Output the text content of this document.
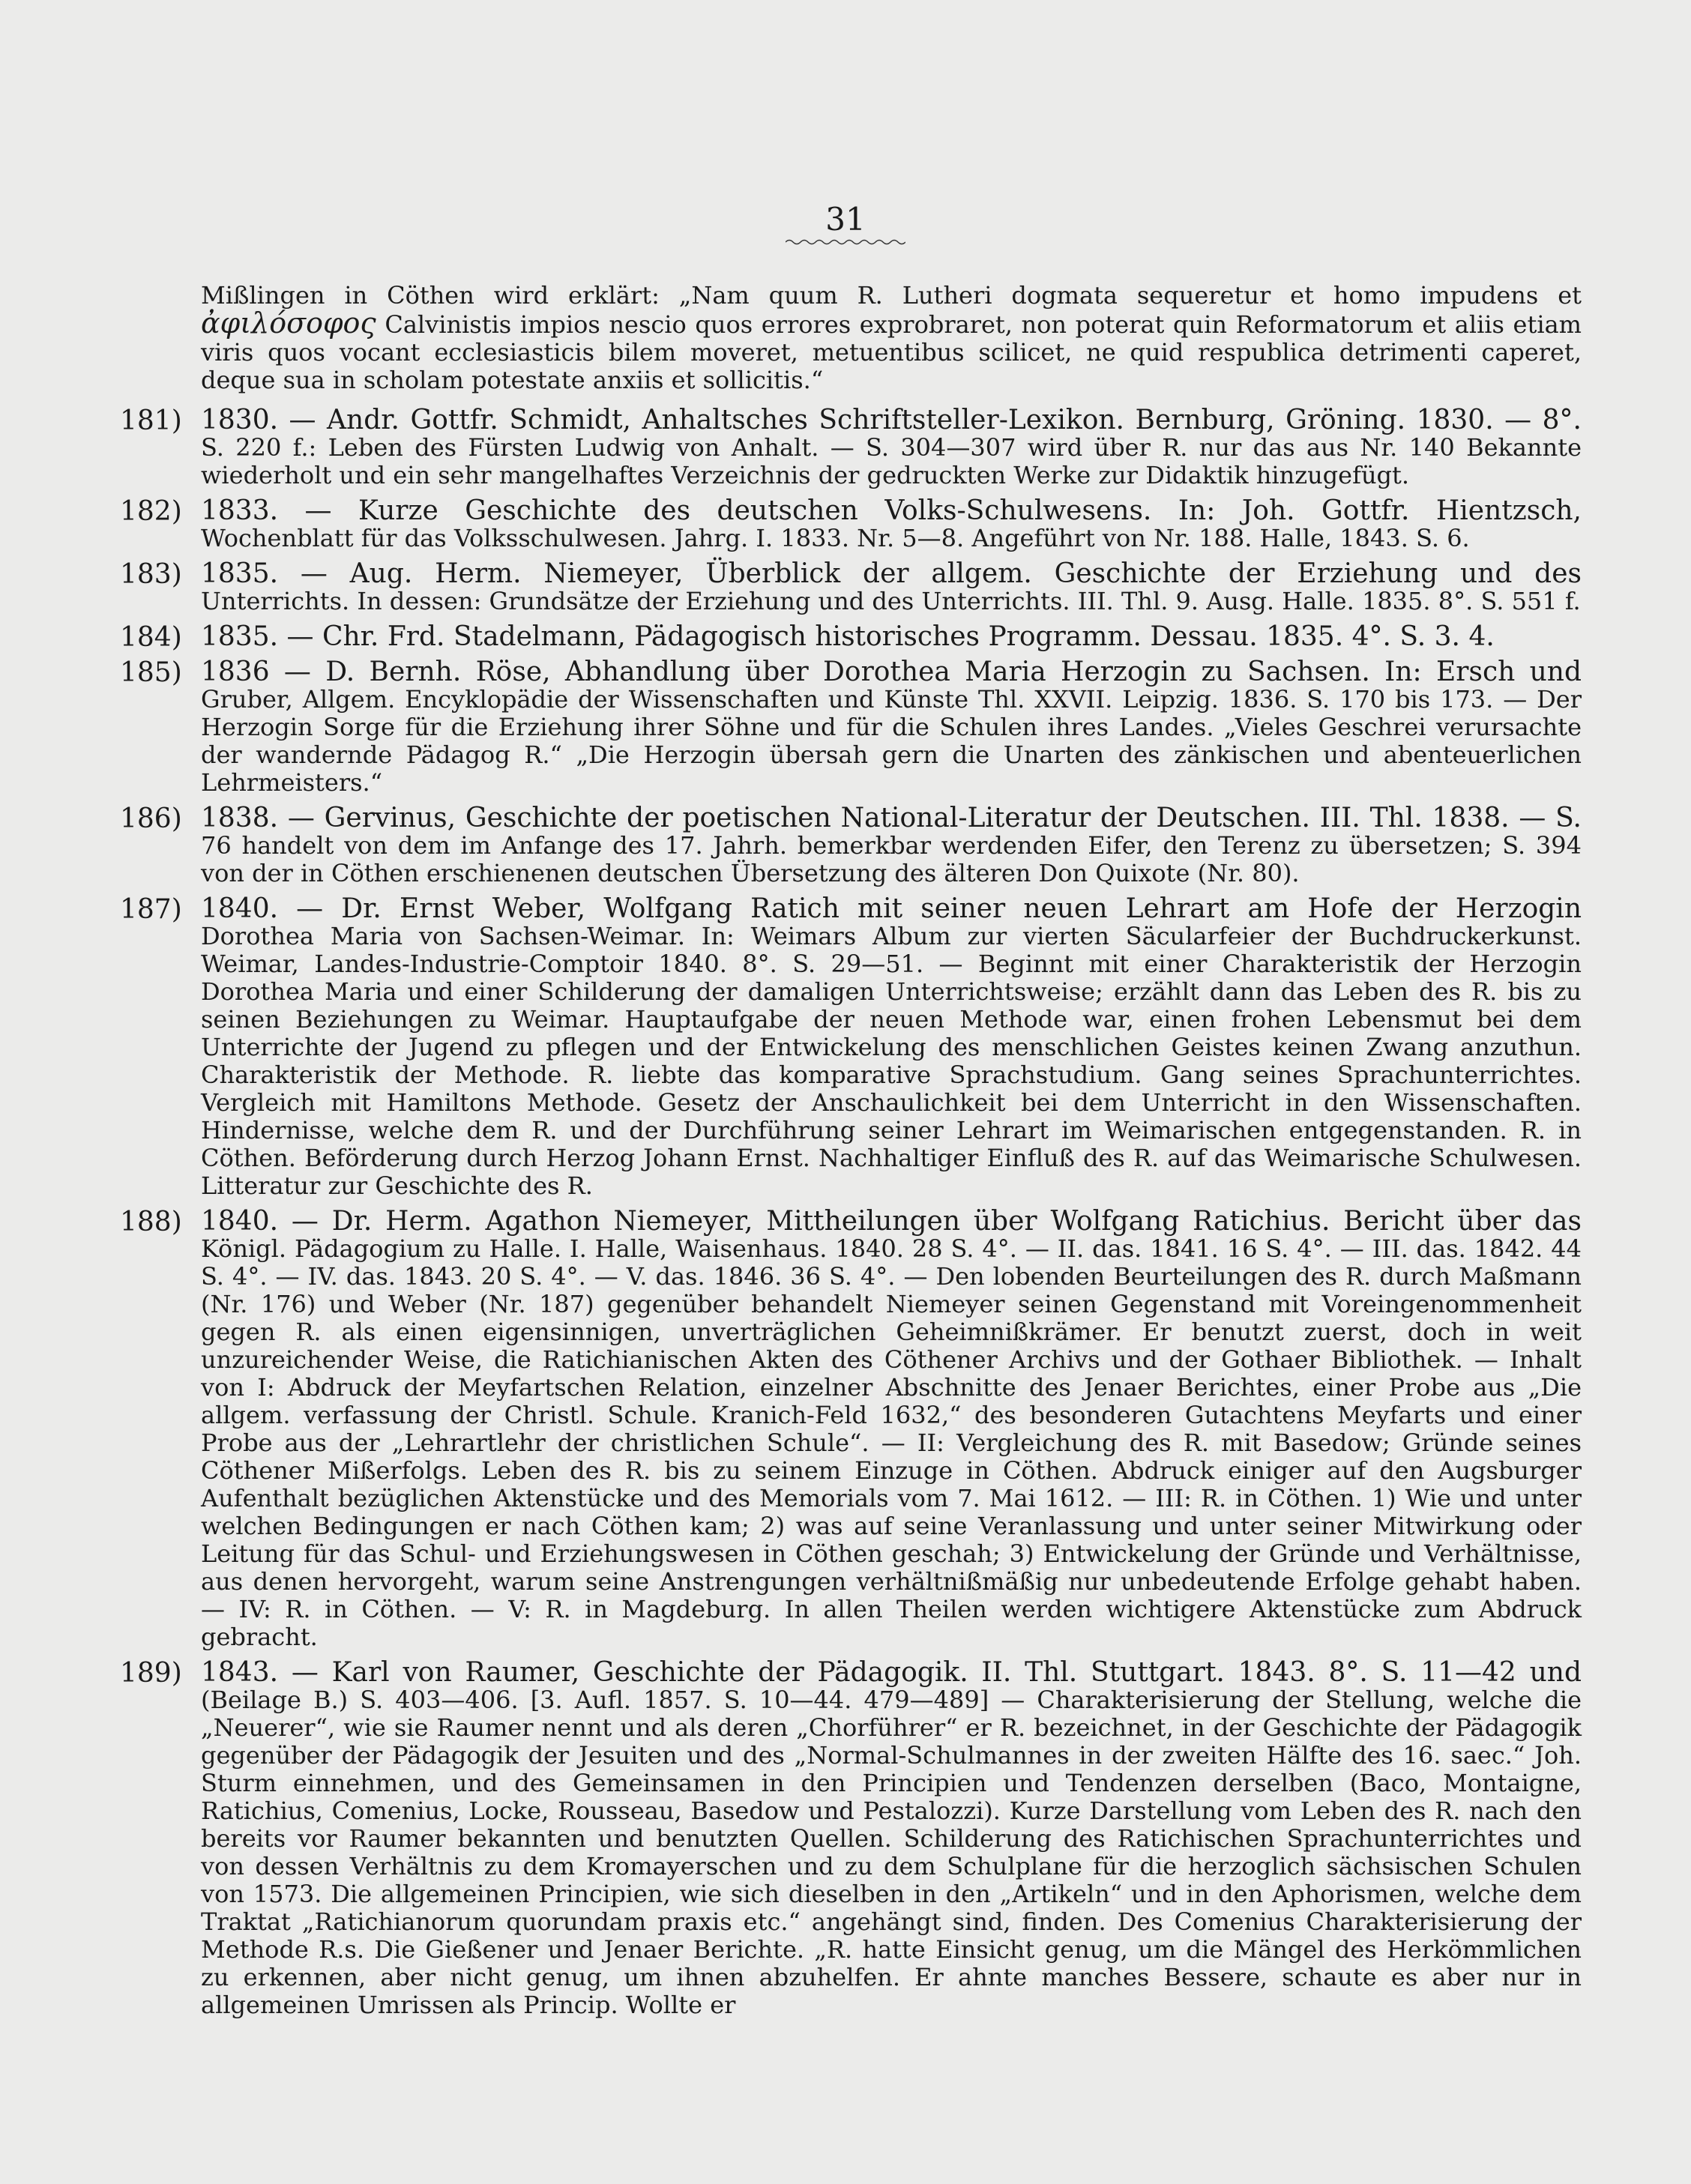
31

Mißlingen in Cöthen wird erklärt: „Nam quum R. Lutheri dogmata sequeretur et homo impudens et ἀφιλόσοφος Calvinistis impios nescio quos errores exprobraret, non poterat quin Reformatorum et aliis etiam viris quos vocant ecclesiasticis bilem moveret, metuentibus scilicet, ne quid respublica detrimenti caperet, deque sua in scholam potestate anxiis et sollicitis.“

181) 1830. — Andr. Gottfr. Schmidt, Anhaltsches Schriftsteller-Lexikon. Bernburg, Gröning. 1830. — 8°. S. 220 f.: Leben des Fürsten Ludwig von Anhalt. — S. 304—307 wird über R. nur das aus Nr. 140 Bekannte wiederholt und ein sehr mangelhaftes Verzeichnis der gedruckten Werke zur Didaktik hinzugefügt.

182) 1833. — Kurze Geschichte des deutschen Volks-Schulwesens. In: Joh. Gottfr. Hientzsch, Wochenblatt für das Volksschulwesen. Jahrg. I. 1833. Nr. 5—8. Angeführt von Nr. 188. Halle, 1843. S. 6.

183) 1835. — Aug. Herm. Niemeyer, Überblick der allgem. Geschichte der Erziehung und des Unterrichts. In dessen: Grundsätze der Erziehung und des Unterrichts. III. Thl. 9. Ausg. Halle. 1835. 8°. S. 551 f.

184) 1835. — Chr. Frd. Stadelmann, Pädagogisch historisches Programm. Dessau. 1835. 4°. S. 3. 4.

185) 1836 — D. Bernh. Röse, Abhandlung über Dorothea Maria Herzogin zu Sachsen. In: Ersch und Gruber, Allgem. Encyklopädie der Wissenschaften und Künste Thl. XXVII. Leipzig. 1836. S. 170 bis 173. — Der Herzogin Sorge für die Erziehung ihrer Söhne und für die Schulen ihres Landes. „Vieles Geschrei verursachte der wandernde Pädagog R.“ „Die Herzogin übersah gern die Unarten des zänkischen und abenteuerlichen Lehrmeisters.“

186) 1838. — Gervinus, Geschichte der poetischen National-Literatur der Deutschen. III. Thl. 1838. — S. 76 handelt von dem im Anfange des 17. Jahrh. bemerkbar werdenden Eifer, den Terenz zu übersetzen; S. 394 von der in Cöthen erschienenen deutschen Übersetzung des älteren Don Quixote (Nr. 80).

187) 1840. — Dr. Ernst Weber, Wolfgang Ratich mit seiner neuen Lehrart am Hofe der Herzogin Dorothea Maria von Sachsen-Weimar. In: Weimars Album zur vierten Säcularfeier der Buchdruckerkunst. Weimar, Landes-Industrie-Comptoir 1840. 8°. S. 29—51. — Beginnt mit einer Charakteristik der Herzogin Dorothea Maria und einer Schilderung der damaligen Unterrichtsweise; erzählt dann das Leben des R. bis zu seinen Beziehungen zu Weimar. Hauptaufgabe der neuen Methode war, einen frohen Lebensmut bei dem Unterrichte der Jugend zu pflegen und der Entwickelung des menschlichen Geistes keinen Zwang anzuthun. Charakteristik der Methode. R. liebte das komparative Sprachstudium. Gang seines Sprachunterrichtes. Vergleich mit Hamiltons Methode. Gesetz der Anschaulichkeit bei dem Unterricht in den Wissenschaften. Hindernisse, welche dem R. und der Durchführung seiner Lehrart im Weimarischen entgegenstanden. R. in Cöthen. Beförderung durch Herzog Johann Ernst. Nachhaltiger Einfluß des R. auf das Weimarische Schulwesen. Litteratur zur Geschichte des R.

188) 1840. — Dr. Herm. Agathon Niemeyer, Mittheilungen über Wolfgang Ratichius. Bericht über das Königl. Pädagogium zu Halle. I. Halle, Waisenhaus. 1840. 28 S. 4°. — II. das. 1841. 16 S. 4°. — III. das. 1842. 44 S. 4°. — IV. das. 1843. 20 S. 4°. — V. das. 1846. 36 S. 4°. — Den lobenden Beurteilungen des R. durch Maßmann (Nr. 176) und Weber (Nr. 187) gegenüber behandelt Niemeyer seinen Gegenstand mit Voreingenommenheit gegen R. als einen eigensinnigen, unverträglichen Geheimnißkrämer. Er benutzt zuerst, doch in weit unzureichender Weise, die Ratichianischen Akten des Cöthener Archivs und der Gothaer Bibliothek. — Inhalt von I: Abdruck der Meyfartschen Relation, einzelner Abschnitte des Jenaer Berichtes, einer Probe aus „Die allgem. verfassung der Christl. Schule. Kranich-Feld 1632,“ des besonderen Gutachtens Meyfarts und einer Probe aus der „Lehrartlehr der christlichen Schule“. — II: Vergleichung des R. mit Basedow; Gründe seines Cöthener Mißerfolgs. Leben des R. bis zu seinem Einzuge in Cöthen. Abdruck einiger auf den Augsburger Aufenthalt bezüglichen Aktenstücke und des Memorials vom 7. Mai 1612. — III: R. in Cöthen. 1) Wie und unter welchen Bedingungen er nach Cöthen kam; 2) was auf seine Veranlassung und unter seiner Mitwirkung oder Leitung für das Schul- und Erziehungswesen in Cöthen geschah; 3) Entwickelung der Gründe und Verhältnisse, aus denen hervorgeht, warum seine Anstrengungen verhältnißmäßig nur unbedeutende Erfolge gehabt haben. — IV: R. in Cöthen. — V: R. in Magdeburg. In allen Theilen werden wichtigere Aktenstücke zum Abdruck gebracht.

189) 1843. — Karl von Raumer, Geschichte der Pädagogik. II. Thl. Stuttgart. 1843. 8°. S. 11—42 und (Beilage B.) S. 403—406. [3. Aufl. 1857. S. 10—44. 479—489] — Charakterisierung der Stellung, welche die „Neuerer“, wie sie Raumer nennt und als deren „Chorführer“ er R. bezeichnet, in der Geschichte der Pädagogik gegenüber der Pädagogik der Jesuiten und des „Normal-Schulmannes in der zweiten Hälfte des 16. saec.“ Joh. Sturm einnehmen, und des Gemeinsamen in den Principien und Tendenzen derselben (Baco, Montaigne, Ratichius, Comenius, Locke, Rousseau, Basedow und Pestalozzi). Kurze Darstellung vom Leben des R. nach den bereits vor Raumer bekannten und benutzten Quellen. Schilderung des Ratichischen Sprachunterrichtes und von dessen Verhältnis zu dem Kromayerschen und zu dem Schulplane für die herzoglich sächsischen Schulen von 1573. Die allgemeinen Principien, wie sich dieselben in den „Artikeln“ und in den Aphorismen, welche dem Traktat „Ratichianorum quorundam praxis etc.“ angehängt sind, finden. Des Comenius Charakterisierung der Methode R.s. Die Gießener und Jenaer Berichte. „R. hatte Einsicht genug, um die Mängel des Herkömmlichen zu erkennen, aber nicht genug, um ihnen abzuhelfen. Er ahnte manches Bessere, schaute es aber nur in allgemeinen Umrissen als Princip. Wollte er
